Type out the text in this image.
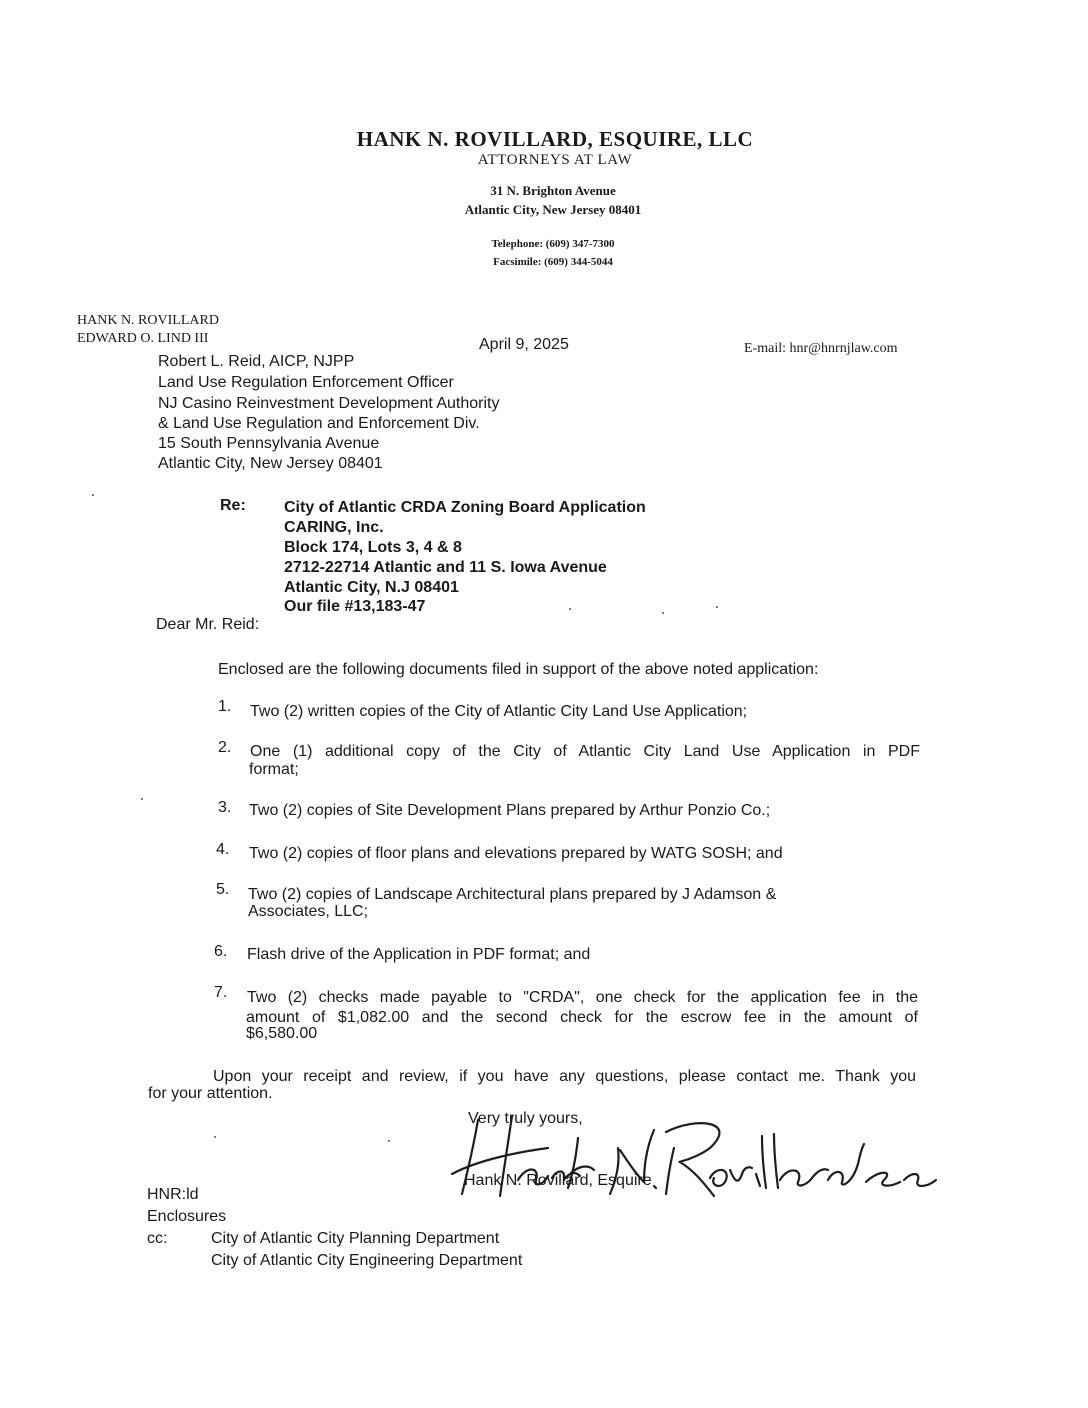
HANK N. ROVILLARD, ESQUIRE, LLC
ATTORNEYS AT LAW
31 N. Brighton Avenue
Atlantic City, New Jersey 08401
Telephone: (609) 347-7300
Facsimile: (609) 344-5044
HANK N. ROVILLARD
EDWARD O. LIND III	April 9, 2025	E-mail: hnr@hnrnjlaw.com
Robert L. Reid, AICP, NJPP
Land Use Regulation Enforcement Officer
NJ Casino Reinvestment Development Authority
& Land Use Regulation and Enforcement Div.
15 South Pennsylvania Avenue
Atlantic City, New Jersey 08401
Re: City of Atlantic CRDA Zoning Board Application
CARING, Inc.
Block 174, Lots 3, 4 & 8
2712-22714 Atlantic and 11 S. Iowa Avenue
Atlantic City, N.J 08401
Our file #13,183-47
Dear Mr. Reid:
Enclosed are the following documents filed in support of the above noted application:
1. Two (2) written copies of the City of Atlantic City Land Use Application;
2. One (1) additional copy of the City of Atlantic City Land Use Application in PDF
format;
3. Two (2) copies of Site Development Plans prepared by Arthur Ponzio Co.;
4. Two (2) copies of floor plans and elevations prepared by WATG SOSH; and
5. Two (2) copies of Landscape Architectural plans prepared by J Adamson &
Associates, LLC;
6. Flash drive of the Application in PDF format; and
7. Two (2) checks made payable to "CRDA", one check for the application fee in the
amount of $1,082.00 and the second check for the escrow fee in the amount of
$6,580.00
Upon your receipt and review, if you have any questions, please contact me. Thank you
for your attention.
Very truly yours,
Hank N. Rovillard, Esquire
HNR:ld
Enclosures
cc:	City of Atlantic City Planning Department
City of Atlantic City Engineering Department
